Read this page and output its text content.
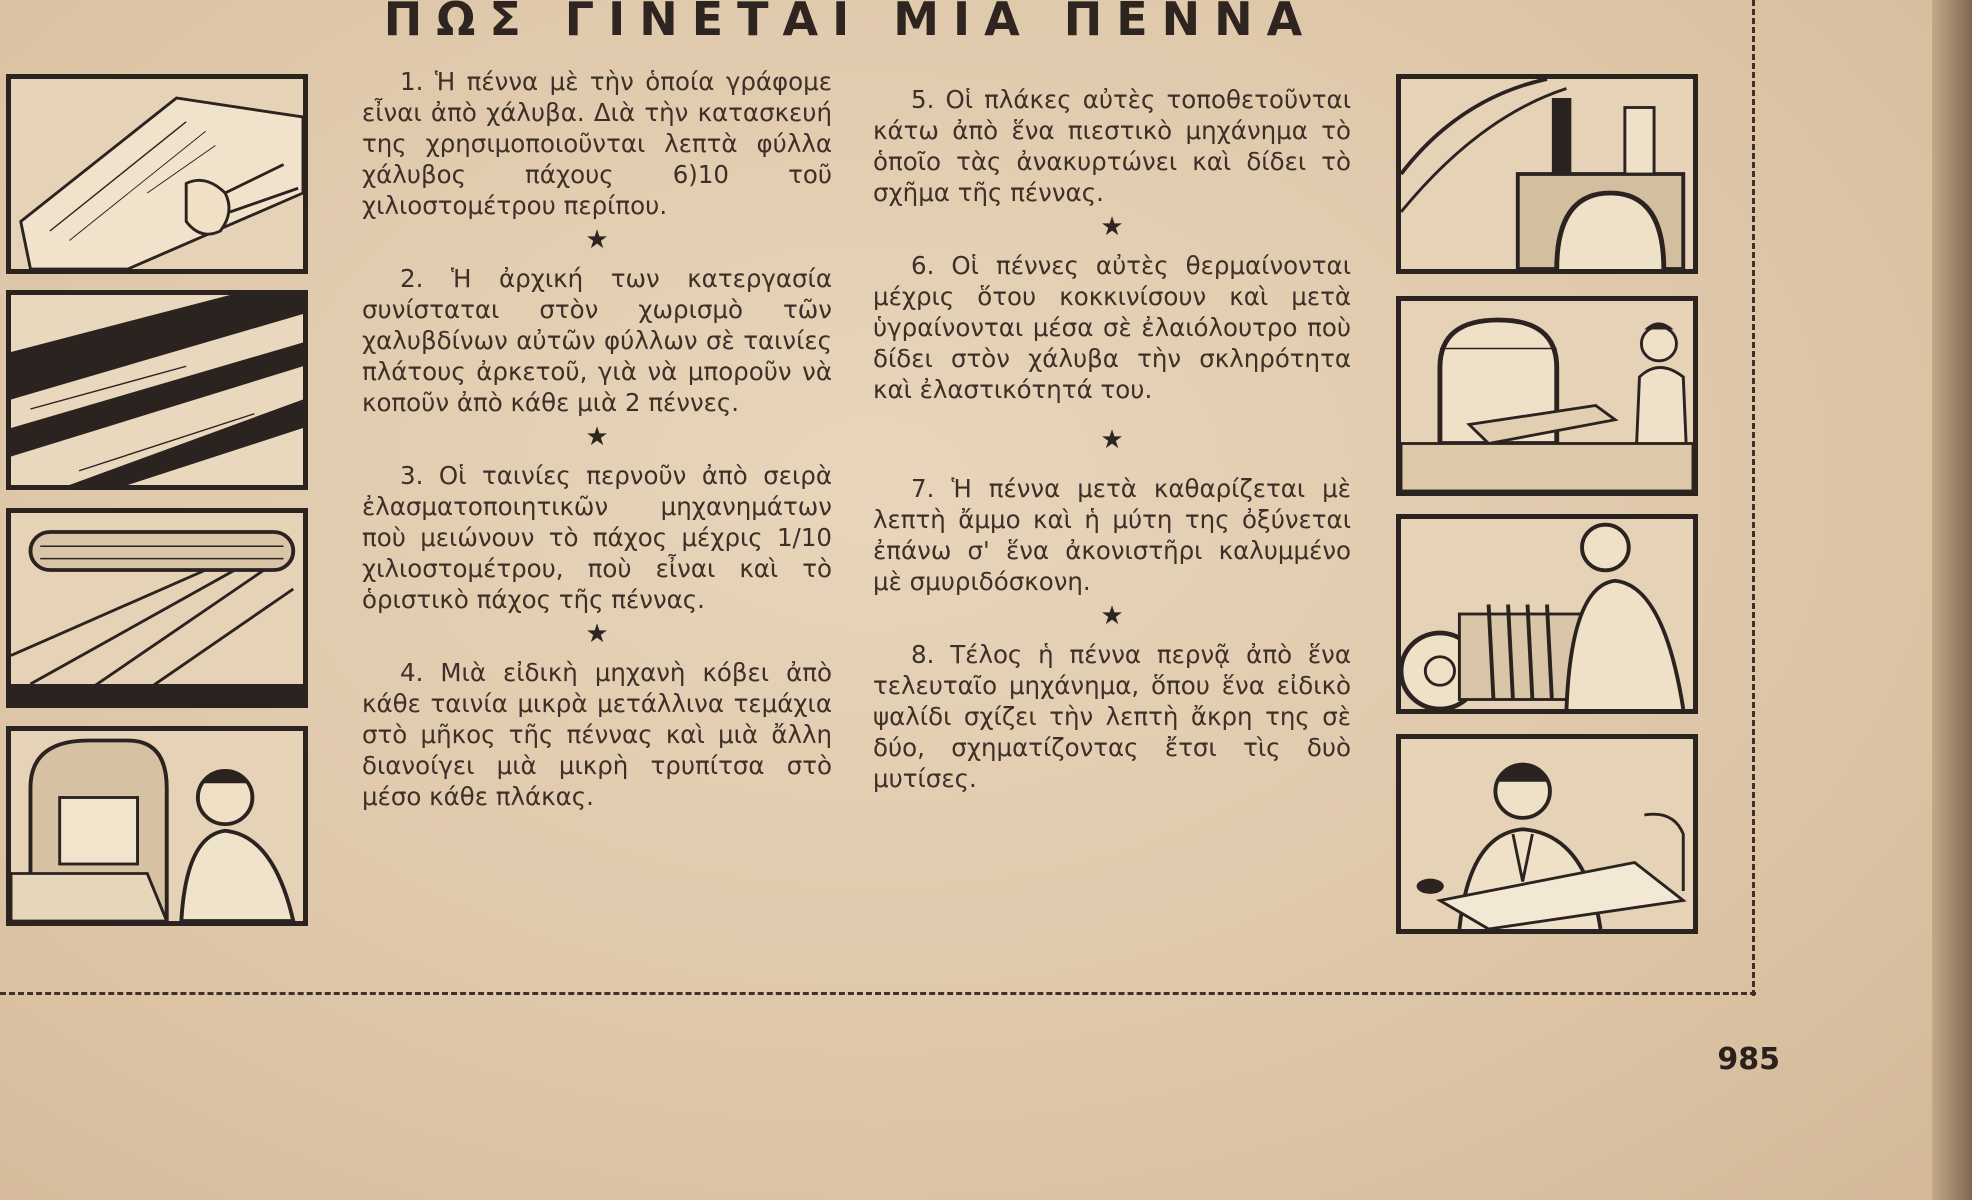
ΠΩΣ ΓΙΝΕΤΑΙ ΜΙΑ ΠΕΝΝΑ

1. Ἡ πέννα μὲ τὴν ὁποία γράφομε εἶναι ἀπὸ χάλυβα. Διὰ τὴν κατασκευή της χρησιμοποιοῦνται λεπτὰ φύλλα χάλυβος πάχους 6)10 τοῦ χιλιοστομέτρου περίπου.

★

2. Ἡ ἀρχική των κατεργασία συνίσταται στὸν χωρισμὸ τῶν χαλυβδίνων αὐτῶν φύλλων σὲ ταινίες πλάτους ἀρκετοῦ, γιὰ νὰ μποροῦν νὰ κοποῦν ἀπὸ κάθε μιὰ 2 πέννες.

★

3. Οἱ ταινίες περνοῦν ἀπὸ σειρὰ ἐλασματοποιητικῶν μηχανημάτων ποὺ μειώνουν τὸ πάχος μέχρις 1/10 χιλιοστομέτρου, ποὺ εἶναι καὶ τὸ ὁριστικὸ πάχος τῆς πέννας.

★

4. Μιὰ εἰδικὴ μηχανὴ κόβει ἀπὸ κάθε ταινία μικρὰ μετάλλινα τεμάχια στὸ μῆκος τῆς πέννας καὶ μιὰ ἄλλη διανοίγει μιὰ μικρὴ τρυπίτσα στὸ μέσο κάθε πλάκας.

5. Οἱ πλάκες αὐτὲς τοποθετοῦνται κάτω ἀπὸ ἕνα πιεστικὸ μηχάνημα τὸ ὁποῖο τὰς ἀνακυρτώνει καὶ δίδει τὸ σχῆμα τῆς πέννας.

★

6. Οἱ πέννες αὐτὲς θερμαίνονται μέχρις ὅτου κοκκινίσουν καὶ μετὰ ὑγραίνονται μέσα σὲ ἐλαιόλουτρο ποὺ δίδει στὸν χάλυβα τὴν σκληρότητα καὶ ἐλαστικότητά του.

★

7. Ἡ πέννα μετὰ καθαρίζεται μὲ λεπτὴ ἄμμο καὶ ἡ μύτη της ὀξύνεται ἐπάνω σ' ἕνα ἀκονιστῆρι καλυμμένο μὲ σμυριδόσκονη.

★

8. Τέλος ἡ πέννα περνᾷ ἀπὸ ἕνα τελευταῖο μηχάνημα, ὅπου ἕνα εἰδικὸ ψαλίδι σχίζει τὴν λεπτὴ ἄκρη της σὲ δύο, σχηματίζοντας ἔτσι τὶς δυὸ μυτίσες.

985
